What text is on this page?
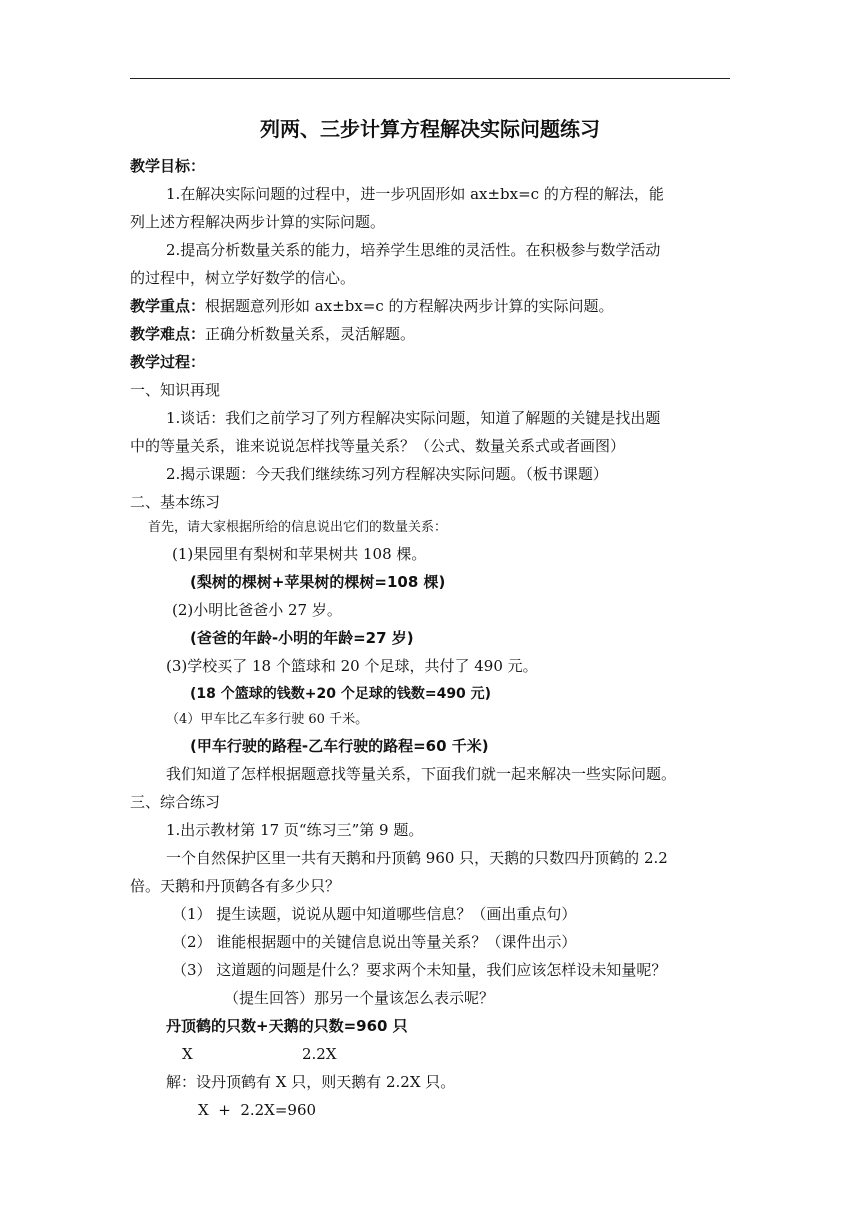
列两、三步计算方程解决实际问题练习
教学目标：
1.在解决实际问题的过程中，进一步巩固形如 ax±bx=c 的方程的解法，能
列上述方程解决两步计算的实际问题。
2.提高分析数量关系的能力，培养学生思维的灵活性。在积极参与数学活动
的过程中，树立学好数学的信心。
教学重点：根据题意列形如 ax±bx=c 的方程解决两步计算的实际问题。
教学难点：正确分析数量关系，灵活解题。
教学过程：
一、知识再现
1.谈话：我们之前学习了列方程解决实际问题，知道了解题的关键是找出题
中的等量关系，谁来说说怎样找等量关系？（公式、数量关系式或者画图）
2.揭示课题：今天我们继续练习列方程解决实际问题。（板书课题）
二、基本练习
首先，请大家根据所给的信息说出它们的数量关系：
(1)果园里有梨树和苹果树共 108 棵。
(梨树的棵树+苹果树的棵树=108 棵)
(2)小明比爸爸小 27 岁。
(爸爸的年龄-小明的年龄=27 岁)
(3)学校买了 18 个篮球和 20 个足球，共付了 490 元。
(18 个篮球的钱数+20 个足球的钱数=490 元)
（4）甲车比乙车多行驶 60 千米。
(甲车行驶的路程-乙车行驶的路程=60 千米)
我们知道了怎样根据题意找等量关系，下面我们就一起来解决一些实际问题。
三、综合练习
1.出示教材第 17 页“练习三”第 9 题。
一个自然保护区里一共有天鹅和丹顶鹤 960 只，天鹅的只数四丹顶鹤的 2.2
倍。天鹅和丹顶鹤各有多少只？
（1） 提生读题，说说从题中知道哪些信息？（画出重点句）
（2） 谁能根据题中的关键信息说出等量关系？（课件出示）
（3） 这道题的问题是什么？要求两个未知量，我们应该怎样设未知量呢？
（提生回答）那另一个量该怎么表示呢？
丹顶鹤的只数+天鹅的只数=960 只
X	2.2X
解：设丹顶鹤有 X 只，则天鹅有 2.2X 只。
X  +  2.2X=960
